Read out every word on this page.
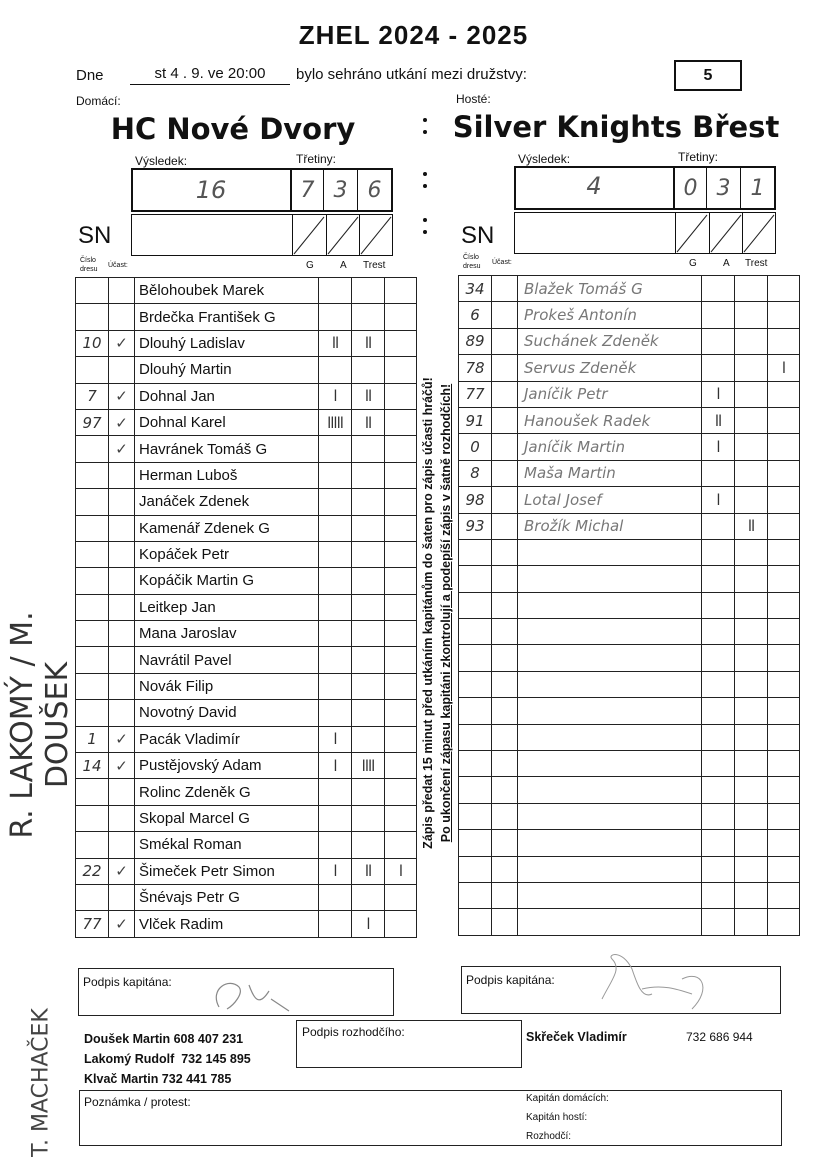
ZHEL 2024 - 2025
Dne	st 4 . 9. ve 20:00	bylo sehráno utkání mezi družstvy:	5
Domácí:	Hosté:
HC Nové Dvory	Silver Knights Břest
Výsledek:	Třetiny:
16	7 3 6
Výsledek:	Třetiny:
4	0 3 1
SN	SN
Číslo dresu
Účast:	G	A Trest
Číslo dresu
Účast:	G	A Trest
		Bělohoubek Marek			
		Brdečka František G			
10	✓	Dlouhý Ladislav	ll	ll	
		Dlouhý Martin			
7	✓	Dohnal Jan	l	ll	
97	✓	Dohnal Karel	lllll	ll	
	✓	Havránek Tomáš G			
		Herman Luboš			
		Janáček Zdenek			
		Kamenář Zdenek G			
		Kopáček Petr			
		Kopáčik Martin G			
		Leitkep Jan			
		Mana Jaroslav			
		Navrátil Pavel			
		Novák Filip			
		Novotný David			
1	✓	Pacák Vladimír	l		
14	✓	Pustějovský Adam	l	llll	
		Rolinc Zdeněk G			
		Skopal Marcel G			
		Smékal Roman			
22	✓	Šimeček Petr Simon	l	ll	l
		Šnévajs Petr G			
77	✓	Vlček Radim		l	
34		Blažek Tomáš G			
6		Prokeš Antonín			
89		Suchánek Zdeněk			
78		Servus Zdeněk			l
77		Janíčik Petr	l		
91		Hanoušek Radek	ll		
0		Janíčik Martin	l		
8		Maša Martin			
98		Lotal Josef	l		
93		Brožík Michal		ll	

Zápis předat 15 minut před utkáním kapitánům do šaten pro zápis účasti hráčů!
Podpis kapitána:	Podpis kapitána:
Doušek Martin 608 407 231
Lakomý Rudolf  732 145 895
Klvač Martin 732 441 785
Podpis rozhodčího:	Skřeček Vladimír	732 686 944
Poznámka / protest:	Kapitán domácích:
Kapitán hostí:
Rozhodčí:
R. LAKOMÝ / M. DOUŠEK
T. MACHAČEK
Po ukončení zápasu kapitáni zkontrolují a podepíší zápis v šatně rozhodčích!
